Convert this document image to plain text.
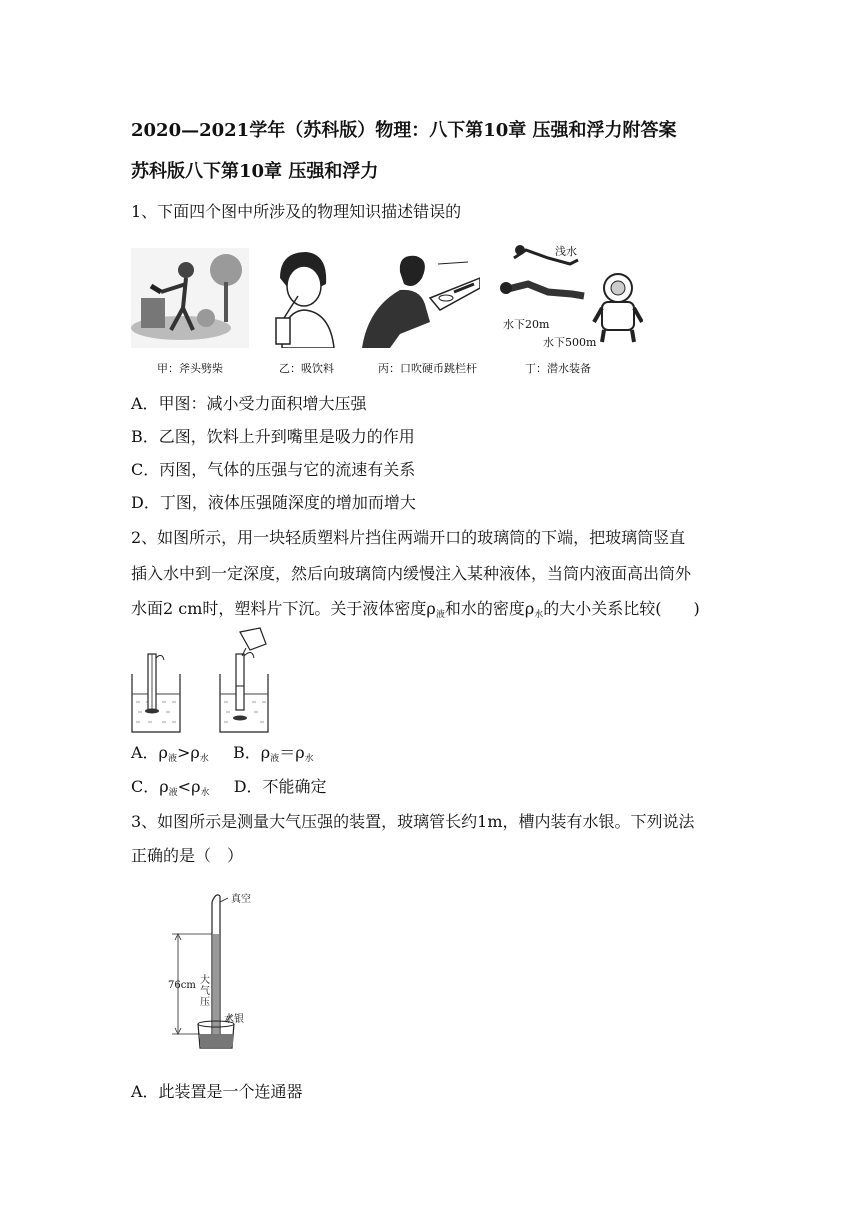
2020—2021学年（苏科版）物理：八下第10章 压强和浮力附答案
苏科版八下第10章 压强和浮力
1、下面四个图中所涉及的物理知识描述错误的
浅水
水下20m
水下500m
甲：斧头劈柴	乙：吸饮料	丙：口吹硬币跳栏杆	丁：潜水装备
A．甲图：减小受力面积增大压强
B．乙图，饮料上升到嘴里是吸力的作用
C．丙图，气体的压强与它的流速有关系
D．丁图，液体压强随深度的增加而增大
2、如图所示，用一块轻质塑料片挡住两端开口的玻璃筒的下端，把玻璃筒竖直
插入水中到一定深度，然后向玻璃筒内缓慢注入某种液体，当筒内液面高出筒外
水面2 cm时，塑料片下沉。关于液体密度$\rho_液$和水的密度$\rho_水$的大小关系比较(　　)
A．$\rho_液>\rho_水$ B．$\rho_液=\rho_水$
C．$\rho_液<\rho_水$ D．不能确定
3、如图所示是测量大气压强的装置，玻璃管长约1m，槽内装有水银。下列说法
正确的是（　）
真空
76cm 大气压
水银
A．此装置是一个连通器
